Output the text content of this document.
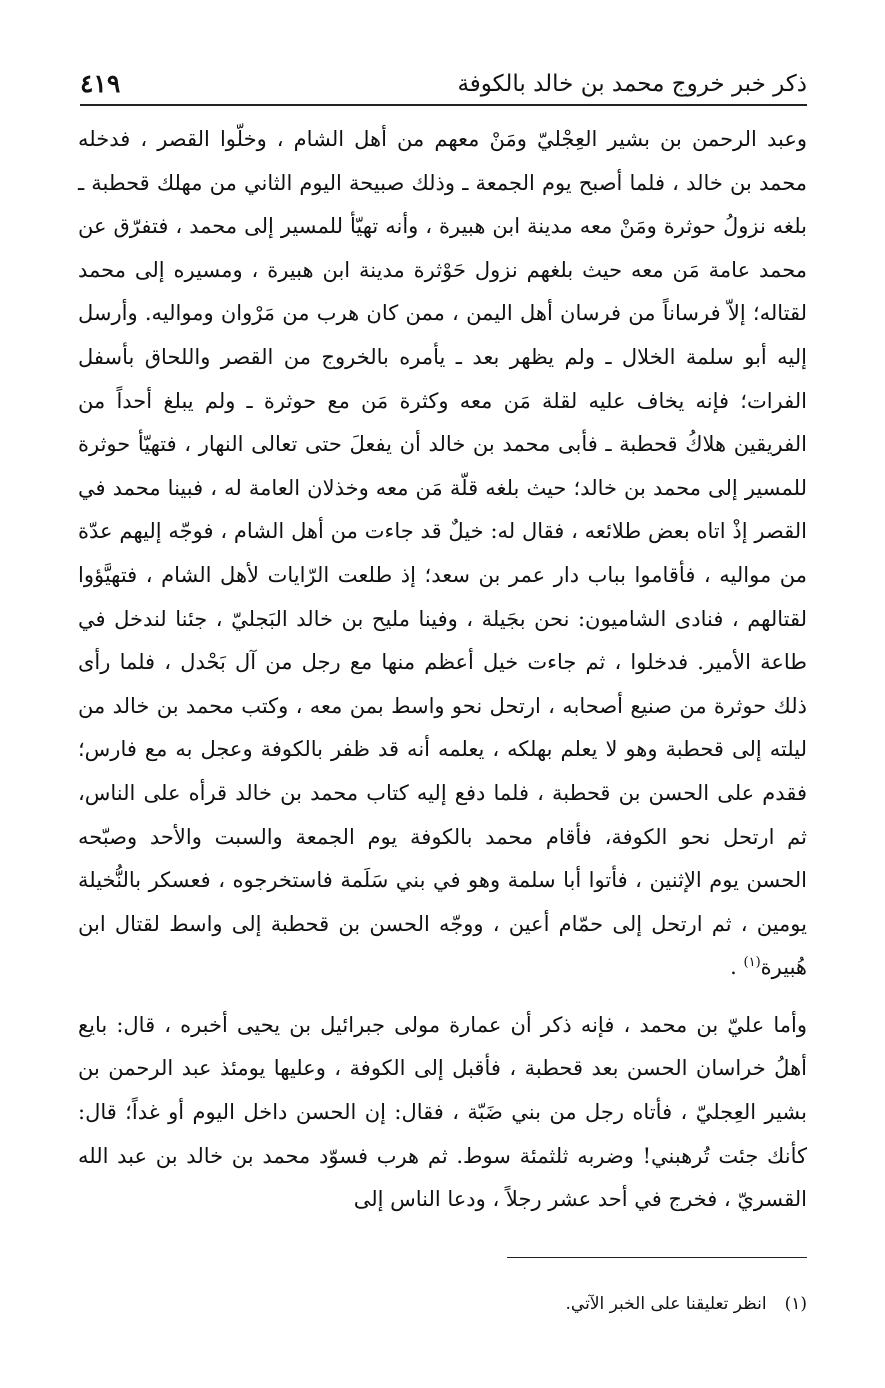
ذكر خبر خروج محمد بن خالد بالكوفة
٤١٩

وعبد الرحمن بن بشير العِجْليّ ومَنْ معهم من أهل الشام ، وخلّوا القصر ، فدخله محمد بن خالد ، فلما أصبح يوم الجمعة ـ وذلك صبيحة اليوم الثاني من مهلك قحطبة ـ بلغه نزولُ حوثرة ومَنْ معه مدينة ابن هبيرة ، وأنه تهيّأ للمسير إلى محمد ، فتفرّق عن محمد عامة مَن معه حيث بلغهم نزول حَوْثرة مدينة ابن هبيرة ، ومسيره إلى محمد لقتاله؛ إلاّ فرساناً من فرسان أهل اليمن ، ممن كان هرب من مَرْوان ومواليه. وأرسل إليه أبو سلمة الخلال ـ ولم يظهر بعد ـ يأمره بالخروج من القصر واللحاق بأسفل الفرات؛ فإنه يخاف عليه لقلة مَن معه وكثرة مَن مع حوثرة ـ ولم يبلغ أحداً من الفريقين هلاكُ قحطبة ـ فأبى محمد بن خالد أن يفعلَ حتى تعالى النهار ، فتهيّأ حوثرة للمسير إلى محمد بن خالد؛ حيث بلغه قلّة مَن معه وخذلان العامة له ، فبينا محمد في القصر إذْ اتاه بعض طلائعه ، فقال له: خيلٌ قد جاءت من أهل الشام ، فوجّه إليهم عدّة من مواليه ، فأقاموا بباب دار عمر بن سعد؛ إذ طلعت الرّايات لأهل الشام ، فتهيَّؤوا لقتالهم ، فنادى الشاميون: نحن بجَيلة ، وفينا مليح بن خالد البَجليّ ، جئنا لندخل في طاعة الأمير. فدخلوا ، ثم جاءت خيل أعظم منها مع رجل من آل بَحْدل ، فلما رأى ذلك حوثرة من صنيع أصحابه ، ارتحل نحو واسط بمن معه ، وكتب محمد بن خالد من ليلته إلى قحطبة وهو لا يعلم بهلكه ، يعلمه أنه قد ظفر بالكوفة وعجل به مع فارس؛ فقدم على الحسن بن قحطبة ، فلما دفع إليه كتاب محمد بن خالد قرأه على الناس، ثم ارتحل نحو الكوفة، فأقام محمد بالكوفة يوم الجمعة والسبت والأحد وصبّحه الحسن يوم الإثنين ، فأتوا أبا سلمة وهو في بني سَلَمة فاستخرجوه ، فعسكر بالنُّخيلة يومين ، ثم ارتحل إلى حمّام أعين ، ووجّه الحسن بن قحطبة إلى واسط لقتال ابن هُبيرة$^{(١)}$ .

وأما عليّ بن محمد ، فإنه ذكر أن عمارة مولى جبرائيل بن يحيى أخبره ، قال: بايع أهلُ خراسان الحسن بعد قحطبة ، فأقبل إلى الكوفة ، وعليها يومئذ عبد الرحمن بن بشير العِجليّ ، فأتاه رجل من بني ضَبّة ، فقال: إن الحسن داخل اليوم أو غداً؛ قال: كأنك جئت تُرهبني! وضربه ثلثمئة سوط. ثم هرب فسوّد محمد بن خالد بن عبد الله القسريّ ، فخرج في أحد عشر رجلاً ، ودعا الناس إلى

(١)انظر تعليقنا على الخبر الآتي.
